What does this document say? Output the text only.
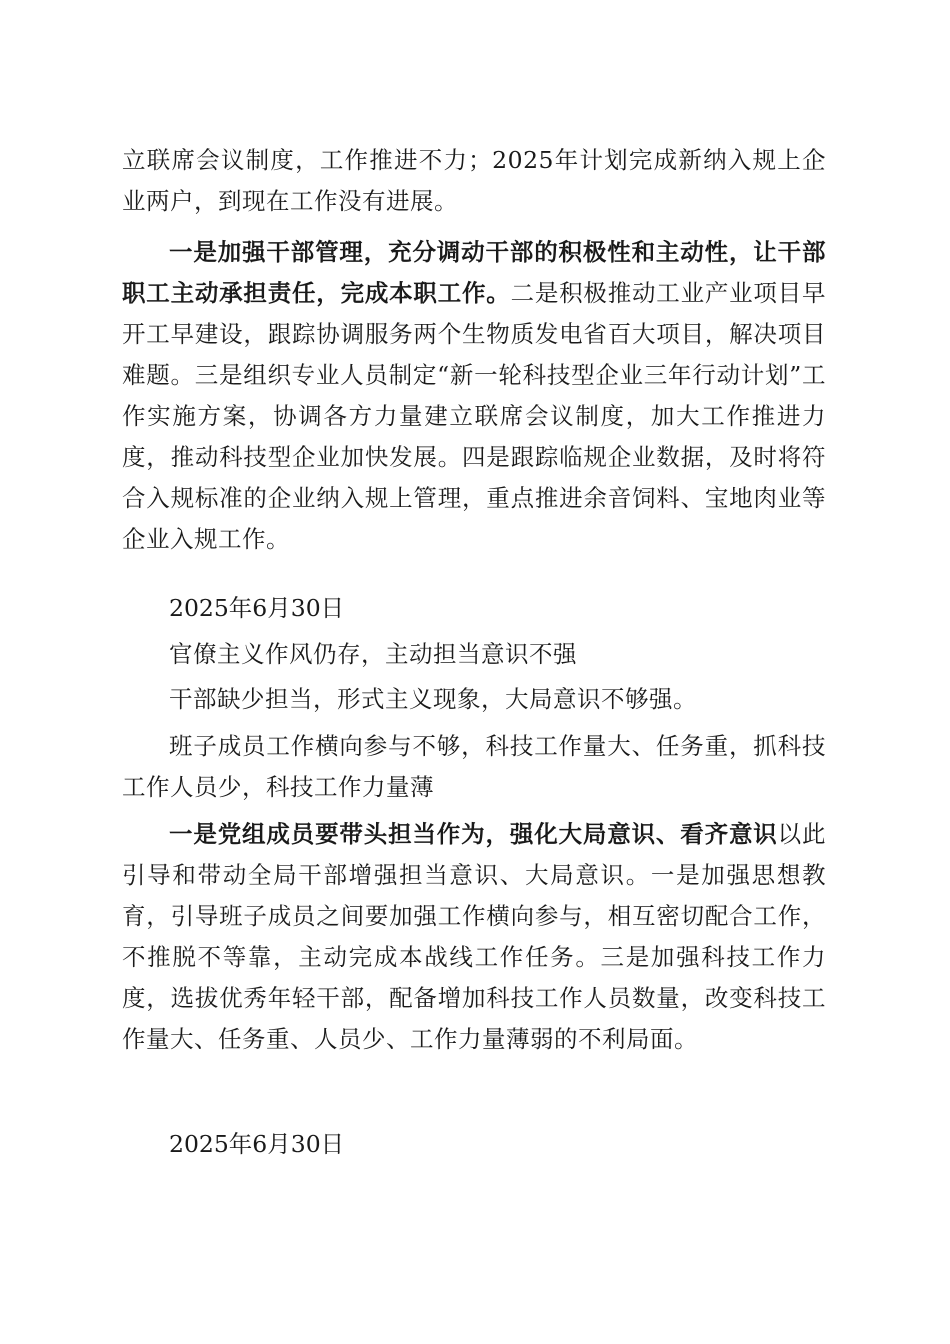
立联席会议制度，工作推进不力；2025年计划完成新纳入规上企业两户，到现在工作没有进展。

一是加强干部管理，充分调动干部的积极性和主动性，让干部职工主动承担责任，完成本职工作。二是积极推动工业产业项目早开工早建设，跟踪协调服务两个生物质发电省百大项目，解决项目难题。三是组织专业人员制定“新一轮科技型企业三年行动计划”工作实施方案，协调各方力量建立联席会议制度，加大工作推进力度，推动科技型企业加快发展。四是跟踪临规企业数据，及时将符合入规标准的企业纳入规上管理，重点推进余音饲料、宝地肉业等企业入规工作。

2025年6月30日

官僚主义作风仍存，主动担当意识不强

干部缺少担当，形式主义现象，大局意识不够强。

班子成员工作横向参与不够，科技工作量大、任务重，抓科技工作人员少，科技工作力量薄

一是党组成员要带头担当作为，强化大局意识、看齐意识以此引导和带动全局干部增强担当意识、大局意识。一是加强思想教育，引导班子成员之间要加强工作横向参与，相互密切配合工作，不推脱不等靠，主动完成本战线工作任务。三是加强科技工作力度，选拔优秀年轻干部，配备增加科技工作人员数量，改变科技工作量大、任务重、人员少、工作力量薄弱的不利局面。

2025年6月30日
